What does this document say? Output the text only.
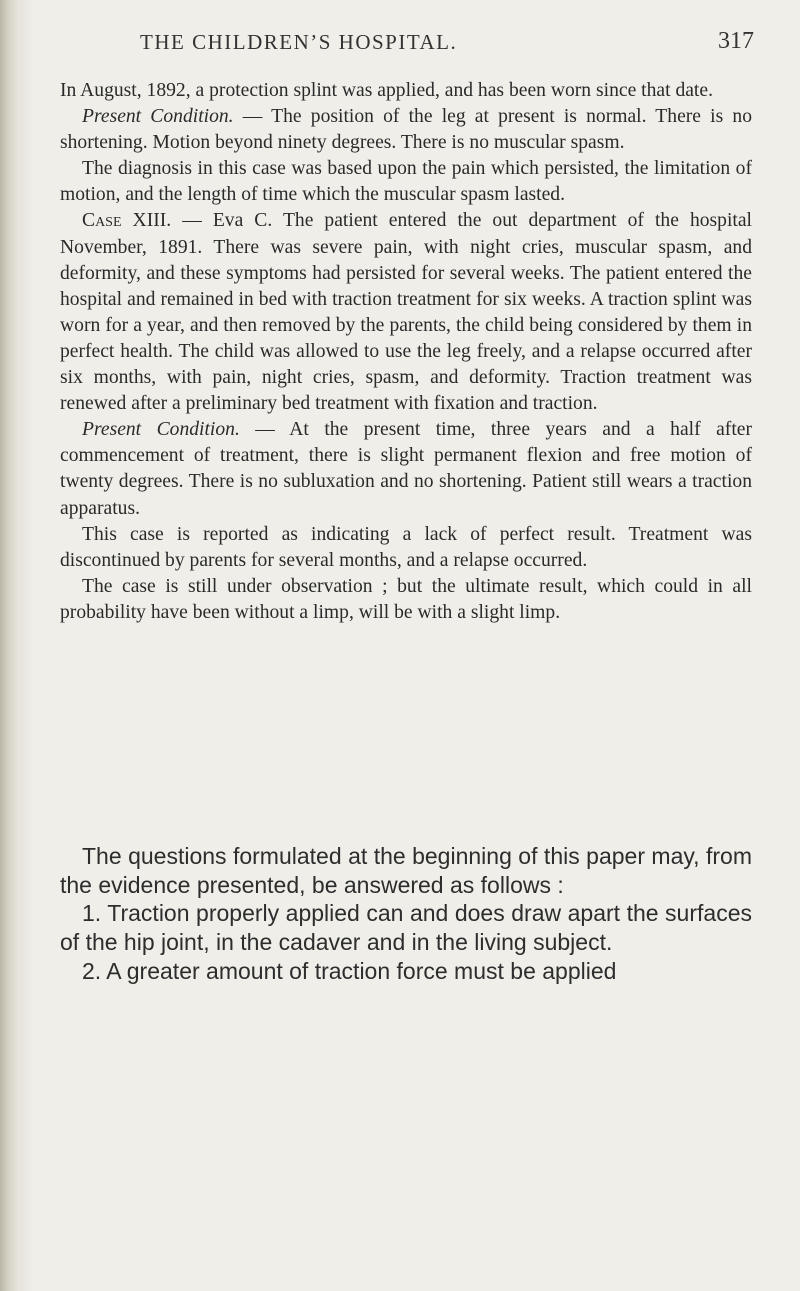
THE CHILDREN’S HOSPITAL.	317

In August, 1892, a protection splint was applied, and has been worn since that date.

Present Condition. — The position of the leg at present is normal. There is no shortening. Motion beyond ninety degrees. There is no muscular spasm.

The diagnosis in this case was based upon the pain which persisted, the limitation of motion, and the length of time which the muscular spasm lasted.

Case XIII. — Eva C. The patient entered the out department of the hospital November, 1891. There was severe pain, with night cries, muscular spasm, and deformity, and these symptoms had persisted for several weeks. The patient entered the hospital and remained in bed with traction treatment for six weeks. A traction splint was worn for a year, and then removed by the parents, the child being considered by them in perfect health. The child was allowed to use the leg freely, and a relapse occurred after six months, with pain, night cries, spasm, and deformity. Traction treatment was renewed after a preliminary bed treatment with fixation and traction.

Present Condition. — At the present time, three years and a half after commencement of treatment, there is slight permanent flexion and free motion of twenty degrees. There is no subluxation and no shortening. Patient still wears a traction apparatus.

This case is reported as indicating a lack of perfect result. Treatment was discontinued by parents for several months, and a relapse occurred.

The case is still under observation ; but the ultimate result, which could in all probability have been without a limp, will be with a slight limp.

The questions formulated at the beginning of this paper may, from the evidence presented, be answered as follows :

1. Traction properly applied can and does draw apart the surfaces of the hip joint, in the cadaver and in the living subject.

2. A greater amount of traction force must be applied
